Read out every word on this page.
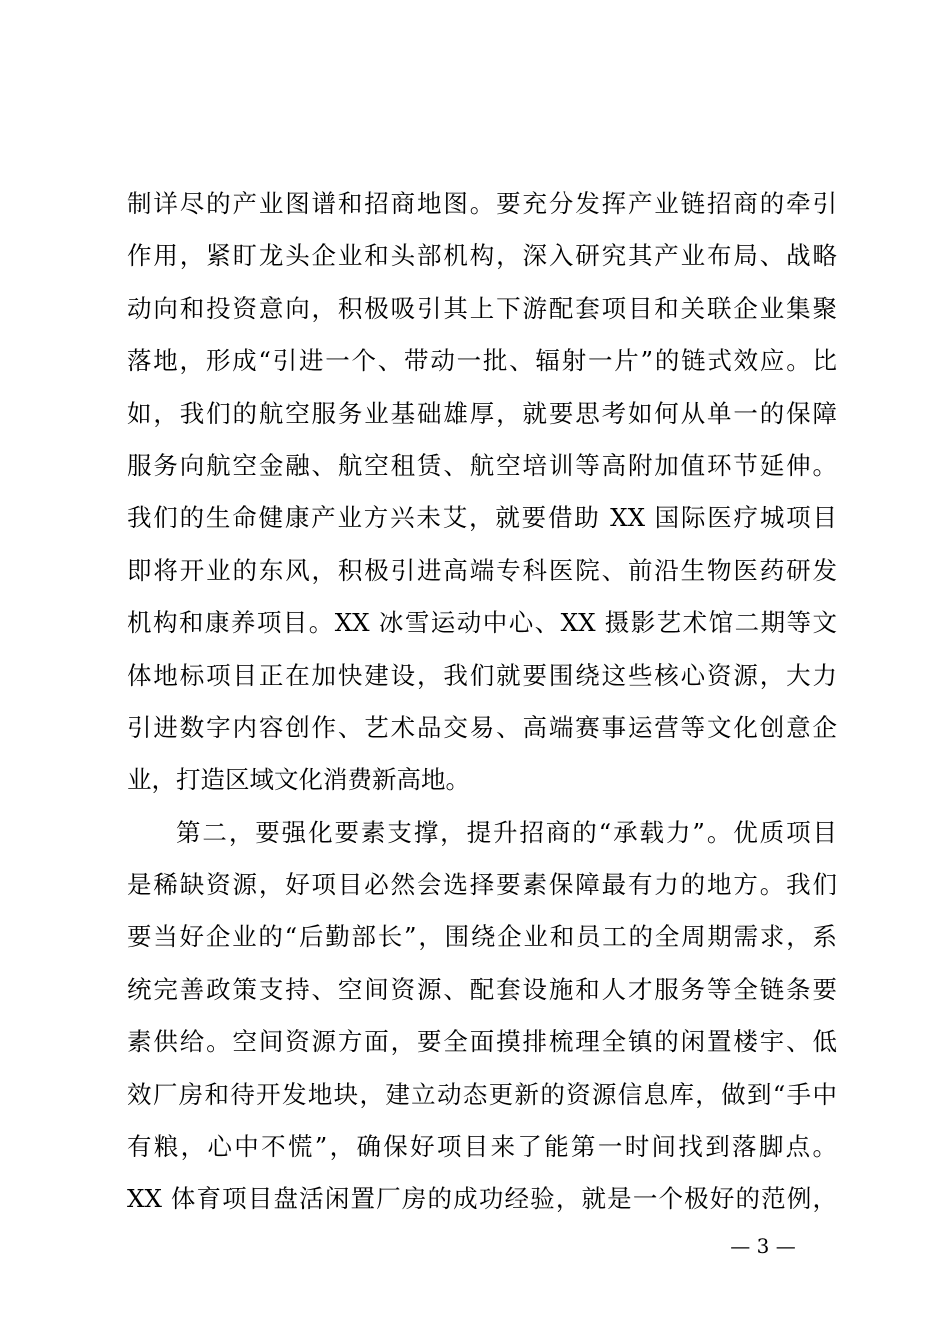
制详尽的产业图谱和招商地图。要充分发挥产业链招商的牵引
作用，紧盯龙头企业和头部机构，深入研究其产业布局、战略
动向和投资意向，积极吸引其上下游配套项目和关联企业集聚
落地，形成“引进一个、带动一批、辐射一片”的链式效应。比
如，我们的航空服务业基础雄厚，就要思考如何从单一的保障
服务向航空金融、航空租赁、航空培训等高附加值环节延伸。
我们的生命健康产业方兴未艾，就要借助 XX 国际医疗城项目
即将开业的东风，积极引进高端专科医院、前沿生物医药研发
机构和康养项目。XX 冰雪运动中心、XX 摄影艺术馆二期等文
体地标项目正在加快建设，我们就要围绕这些核心资源，大力
引进数字内容创作、艺术品交易、高端赛事运营等文化创意企
业，打造区域文化消费新高地。
第二，要强化要素支撑，提升招商的“承载力”。优质项目
是稀缺资源，好项目必然会选择要素保障最有力的地方。我们
要当好企业的“后勤部长”，围绕企业和员工的全周期需求，系
统完善政策支持、空间资源、配套设施和人才服务等全链条要
素供给。空间资源方面，要全面摸排梳理全镇的闲置楼宇、低
效厂房和待开发地块，建立动态更新的资源信息库，做到“手中
有粮，心中不慌”，确保好项目来了能第一时间找到落脚点。
XX 体育项目盘活闲置厂房的成功经验，就是一个极好的范例，
— 3 —
